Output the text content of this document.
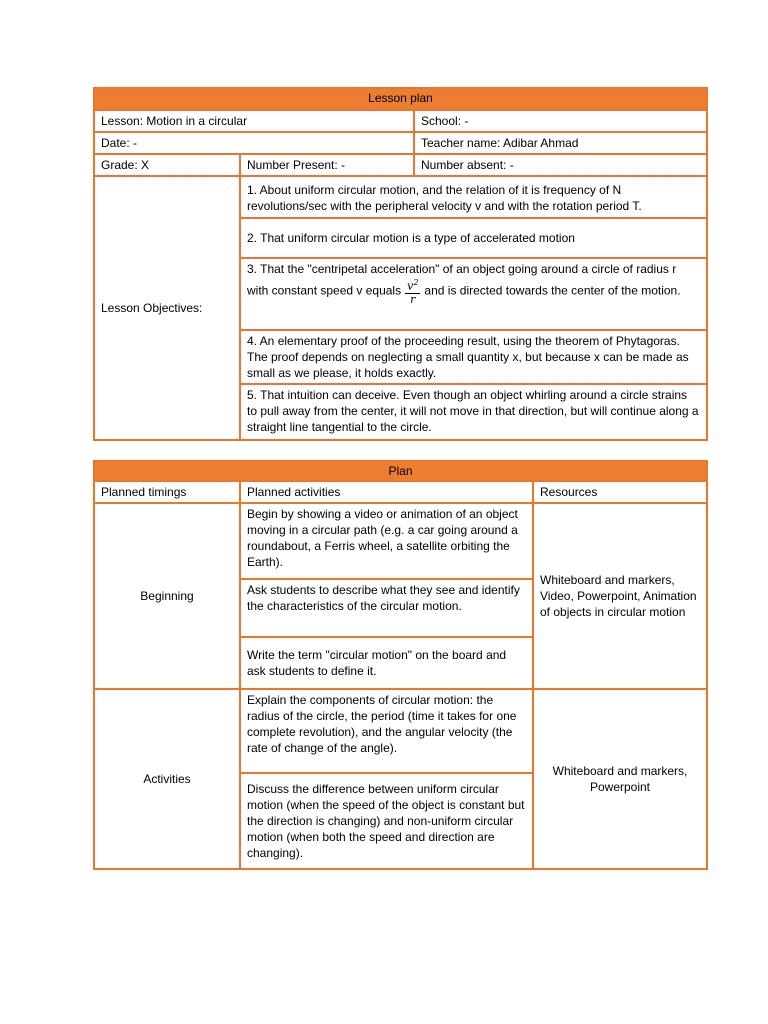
Lesson plan		
Lesson: Motion in a circular		School: -
Date: -		Teacher name: Adibar Ahmad
Grade: X	Number Present: -	Number absent: -
Lesson Objectives:	1. About uniform circular motion, and the relation of it is frequency of N revolutions/sec with the peripheral velocity v and with the rotation period T.	
	2. That uniform circular motion is a type of accelerated motion	
	3. That the "centripetal acceleration" of an object going around a circle of radius r with constant speed v equals $\frac{v^2}{r}$ and is directed towards the center of the motion.	
	4. An elementary proof of the proceeding result, using the theorem of Phytagoras. The proof depends on neglecting a small quantity x, but because x can be made as small as we please, it holds exactly.	
	5. That intuition can deceive. Even though an object whirling around a circle strains to pull away from the center, it will not move in that direction, but will continue along a straight line tangential to the circle.	
Plan		
Planned timings	Planned activities	Resources
Beginning	Begin by showing a video or animation of an object moving in a circular path (e.g. a car going around a roundabout, a Ferris wheel, a satellite orbiting the Earth).	Whiteboard and markers, Video, Powerpoint, Animation of objects in circular motion
	Ask students to describe what they see and identify the characteristics of the circular motion.	
	Write the term "circular motion" on the board and ask students to define it.	
Activities	Explain the components of circular motion: the radius of the circle, the period (time it takes for one complete revolution), and the angular velocity (the rate of change of the angle).	Whiteboard and markers, Powerpoint
	Discuss the difference between uniform circular motion (when the speed of the object is constant but the direction is changing) and non-uniform circular motion (when both the speed and direction are changing).	
